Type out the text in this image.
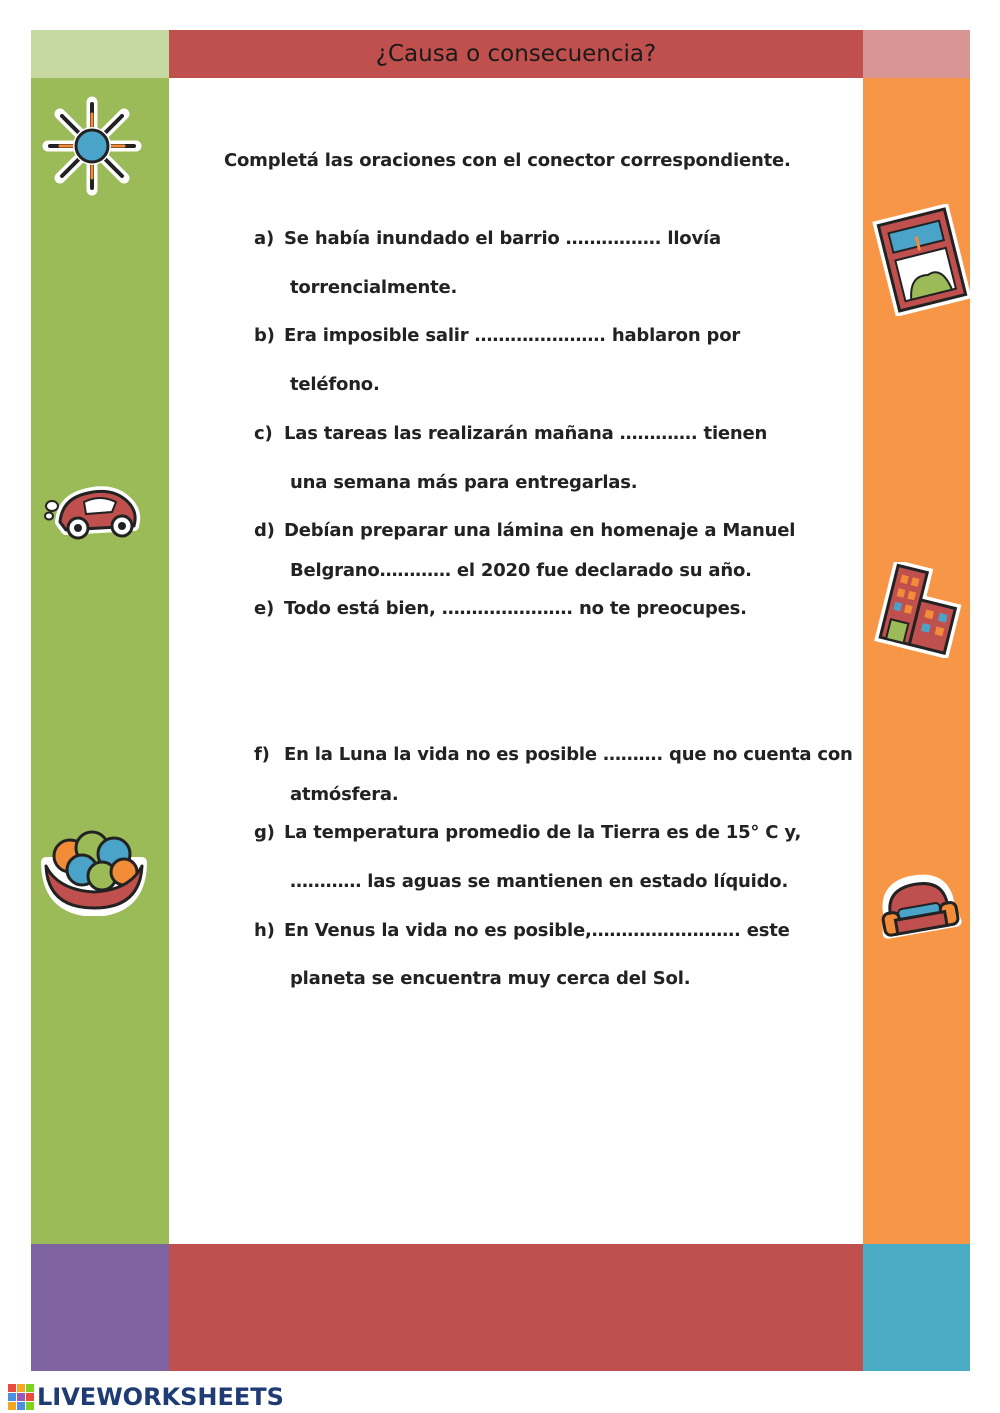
¿Causa o consecuencia?
Completá las oraciones con el conector correspondiente.
a) Se había inundado el barrio ……………. llovía
torrencialmente.
b) Era imposible salir …………………. hablaron por
teléfono.
c) Las tareas las realizarán mañana …………. tienen
una semana más para entregarlas.
d) Debían preparar una lámina en homenaje a Manuel
Belgrano………… el 2020 fue declarado su año.
e) Todo está bien, …………………. no te preocupes.
f) En la Luna la vida no es posible ………. que no cuenta con
atmósfera.
g) La temperatura promedio de la Tierra es de 15° C y,
………… las aguas se mantienen en estado líquido.
h) En Venus la vida no es posible,……………………. este
planeta se encuentra muy cerca del Sol.
LIVEWORKSHEETS
